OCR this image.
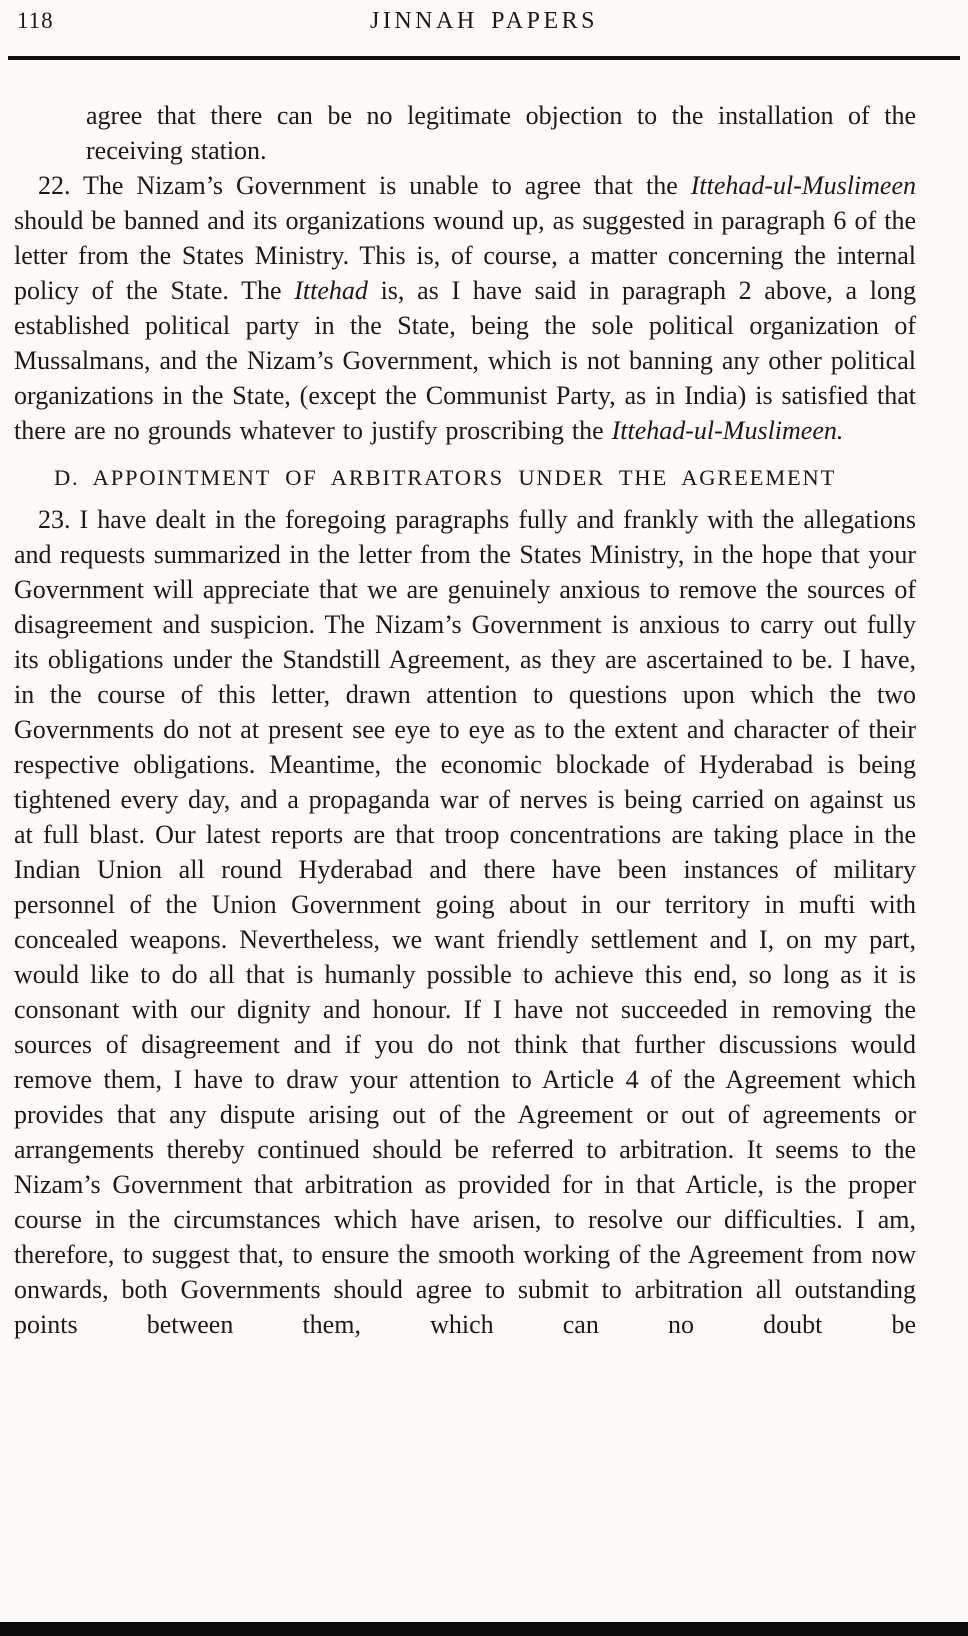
118	JINNAH PAPERS

agree that there can be no legitimate objection to the installation of the receiving station.

22. The Nizam’s Government is unable to agree that the Ittehad-ul-Muslimeen should be banned and its organizations wound up, as suggested in paragraph 6 of the letter from the States Ministry. This is, of course, a matter concerning the internal policy of the State. The Ittehad is, as I have said in paragraph 2 above, a long established political party in the State, being the sole political organization of Mussalmans, and the Nizam’s Government, which is not banning any other political organizations in the State, (except the Communist Party, as in India) is satisfied that there are no grounds whatever to justify proscribing the Ittehad-ul-Muslimeen.

D. APPOINTMENT OF ARBITRATORS UNDER THE AGREEMENT

23. I have dealt in the foregoing paragraphs fully and frankly with the allegations and requests summarized in the letter from the States Ministry, in the hope that your Government will appreciate that we are genuinely anxious to remove the sources of disagreement and suspicion. The Nizam’s Government is anxious to carry out fully its obligations under the Standstill Agreement, as they are ascertained to be. I have, in the course of this letter, drawn attention to questions upon which the two Governments do not at present see eye to eye as to the extent and character of their respective obligations. Meantime, the economic blockade of Hyderabad is being tightened every day, and a propaganda war of nerves is being carried on against us at full blast. Our latest reports are that troop concentrations are taking place in the Indian Union all round Hyderabad and there have been instances of military personnel of the Union Government going about in our territory in mufti with concealed weapons. Nevertheless, we want friendly settlement and I, on my part, would like to do all that is humanly possible to achieve this end, so long as it is consonant with our dignity and honour. If I have not succeeded in removing the sources of disagreement and if you do not think that further discussions would remove them, I have to draw your attention to Article 4 of the Agreement which provides that any dispute arising out of the Agreement or out of agreements or arrangements thereby continued should be referred to arbitration. It seems to the Nizam’s Government that arbitration as provided for in that Article, is the proper course in the circumstances which have arisen, to resolve our difficulties. I am, therefore, to suggest that, to ensure the smooth working of the Agreement from now onwards, both Governments should agree to submit to arbitration all outstanding points between them, which can no doubt be
